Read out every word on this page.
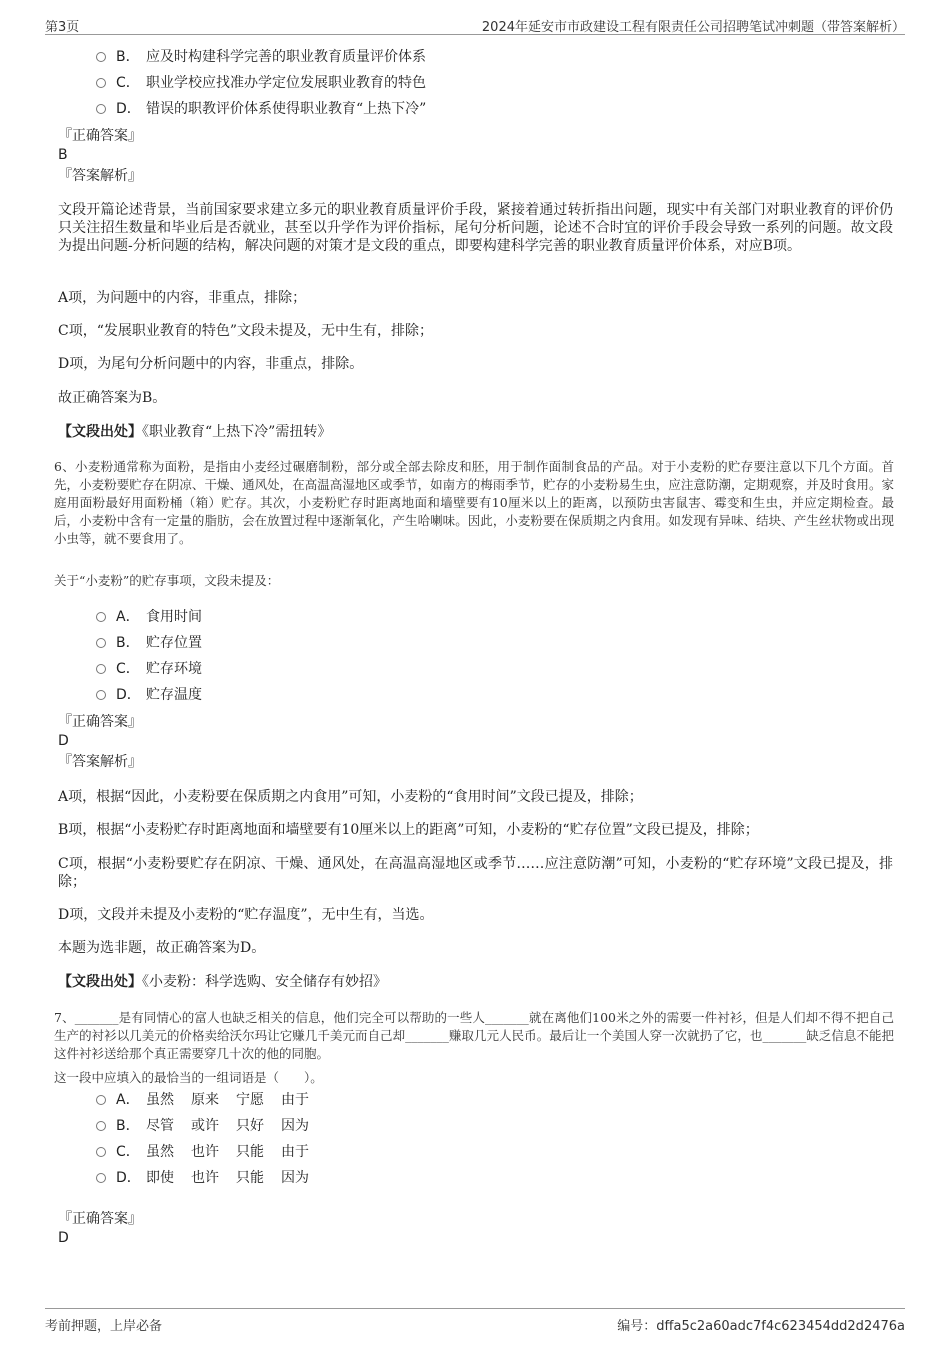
第3页	2024年延安市市政建设工程有限责任公司招聘笔试冲刺题（带答案解析）
B． 应及时构建科学完善的职业教育质量评价体系
C． 职业学校应找准办学定位发展职业教育的特色
D． 错误的职教评价体系使得职业教育“上热下冷”
『正确答案』
B
『答案解析』
文段开篇论述背景，当前国家要求建立多元的职业教育质量评价手段，紧接着通过转折指出问题，现实中有关部门对职业教育的评价仍只关注招生数量和毕业后是否就业，甚至以升学作为评价指标，尾句分析问题，论述不合时宜的评价手段会导致一系列的问题。故文段为提出问题-分析问题的结构，解决问题的对策才是文段的重点，即要构建科学完善的职业教育质量评价体系，对应B项。
A项，为问题中的内容，非重点，排除；
C项，“发展职业教育的特色”文段未提及，无中生有，排除；
D项，为尾句分析问题中的内容，非重点，排除。
故正确答案为B。
【文段出处】《职业教育“上热下冷”需扭转》
6、小麦粉通常称为面粉，是指由小麦经过碾磨制粉，部分或全部去除皮和胚，用于制作面制食品的产品。对于小麦粉的贮存要注意以下几个方面。首先，小麦粉要贮存在阴凉、干燥、通风处，在高温高湿地区或季节，如南方的梅雨季节，贮存的小麦粉易生虫，应注意防潮，定期观察，并及时食用。家庭用面粉最好用面粉桶（箱）贮存。其次，小麦粉贮存时距离地面和墙壁要有10厘米以上的距离，以预防虫害鼠害、霉变和生虫，并应定期检查。最后，小麦粉中含有一定量的脂肪，会在放置过程中逐渐氧化，产生哈喇味。因此，小麦粉要在保质期之内食用。如发现有异味、结块、产生丝状物或出现小虫等，就不要食用了。
关于“小麦粉”的贮存事项，文段未提及：
A． 食用时间
B． 贮存位置
C． 贮存环境
D． 贮存温度
『正确答案』
D
『答案解析』
A项，根据“因此，小麦粉要在保质期之内食用”可知，小麦粉的“食用时间”文段已提及，排除；
B项，根据“小麦粉贮存时距离地面和墙壁要有10厘米以上的距离”可知，小麦粉的“贮存位置”文段已提及，排除；
C项，根据“小麦粉要贮存在阴凉、干燥、通风处，在高温高湿地区或季节……应注意防潮”可知，小麦粉的“贮存环境”文段已提及，排除；
D项，文段并未提及小麦粉的“贮存温度”，无中生有，当选。
本题为选非题，故正确答案为D。
【文段出处】《小麦粉：科学选购、安全储存有妙招》
7、_______是有同情心的富人也缺乏相关的信息，他们完全可以帮助的一些人_______就在离他们100米之外的需要一件衬衫，但是人们却不得不把自己生产的衬衫以几美元的价格卖给沃尔玛让它赚几千美元而自己却_______赚取几元人民币。最后让一个美国人穿一次就扔了它，也_______缺乏信息不能把这件衬衫送给那个真正需要穿几十次的他的同胞。
这一段中应填入的最恰当的一组词语是（　　）。
A． 虽然 原来 宁愿 由于
B． 尽管 或许 只好 因为
C． 虽然 也许 只能 由于
D． 即使 也许 只能 因为
『正确答案』
D
考前押题，上岸必备	编号：dffa5c2a60adc7f4c623454dd2d2476a
